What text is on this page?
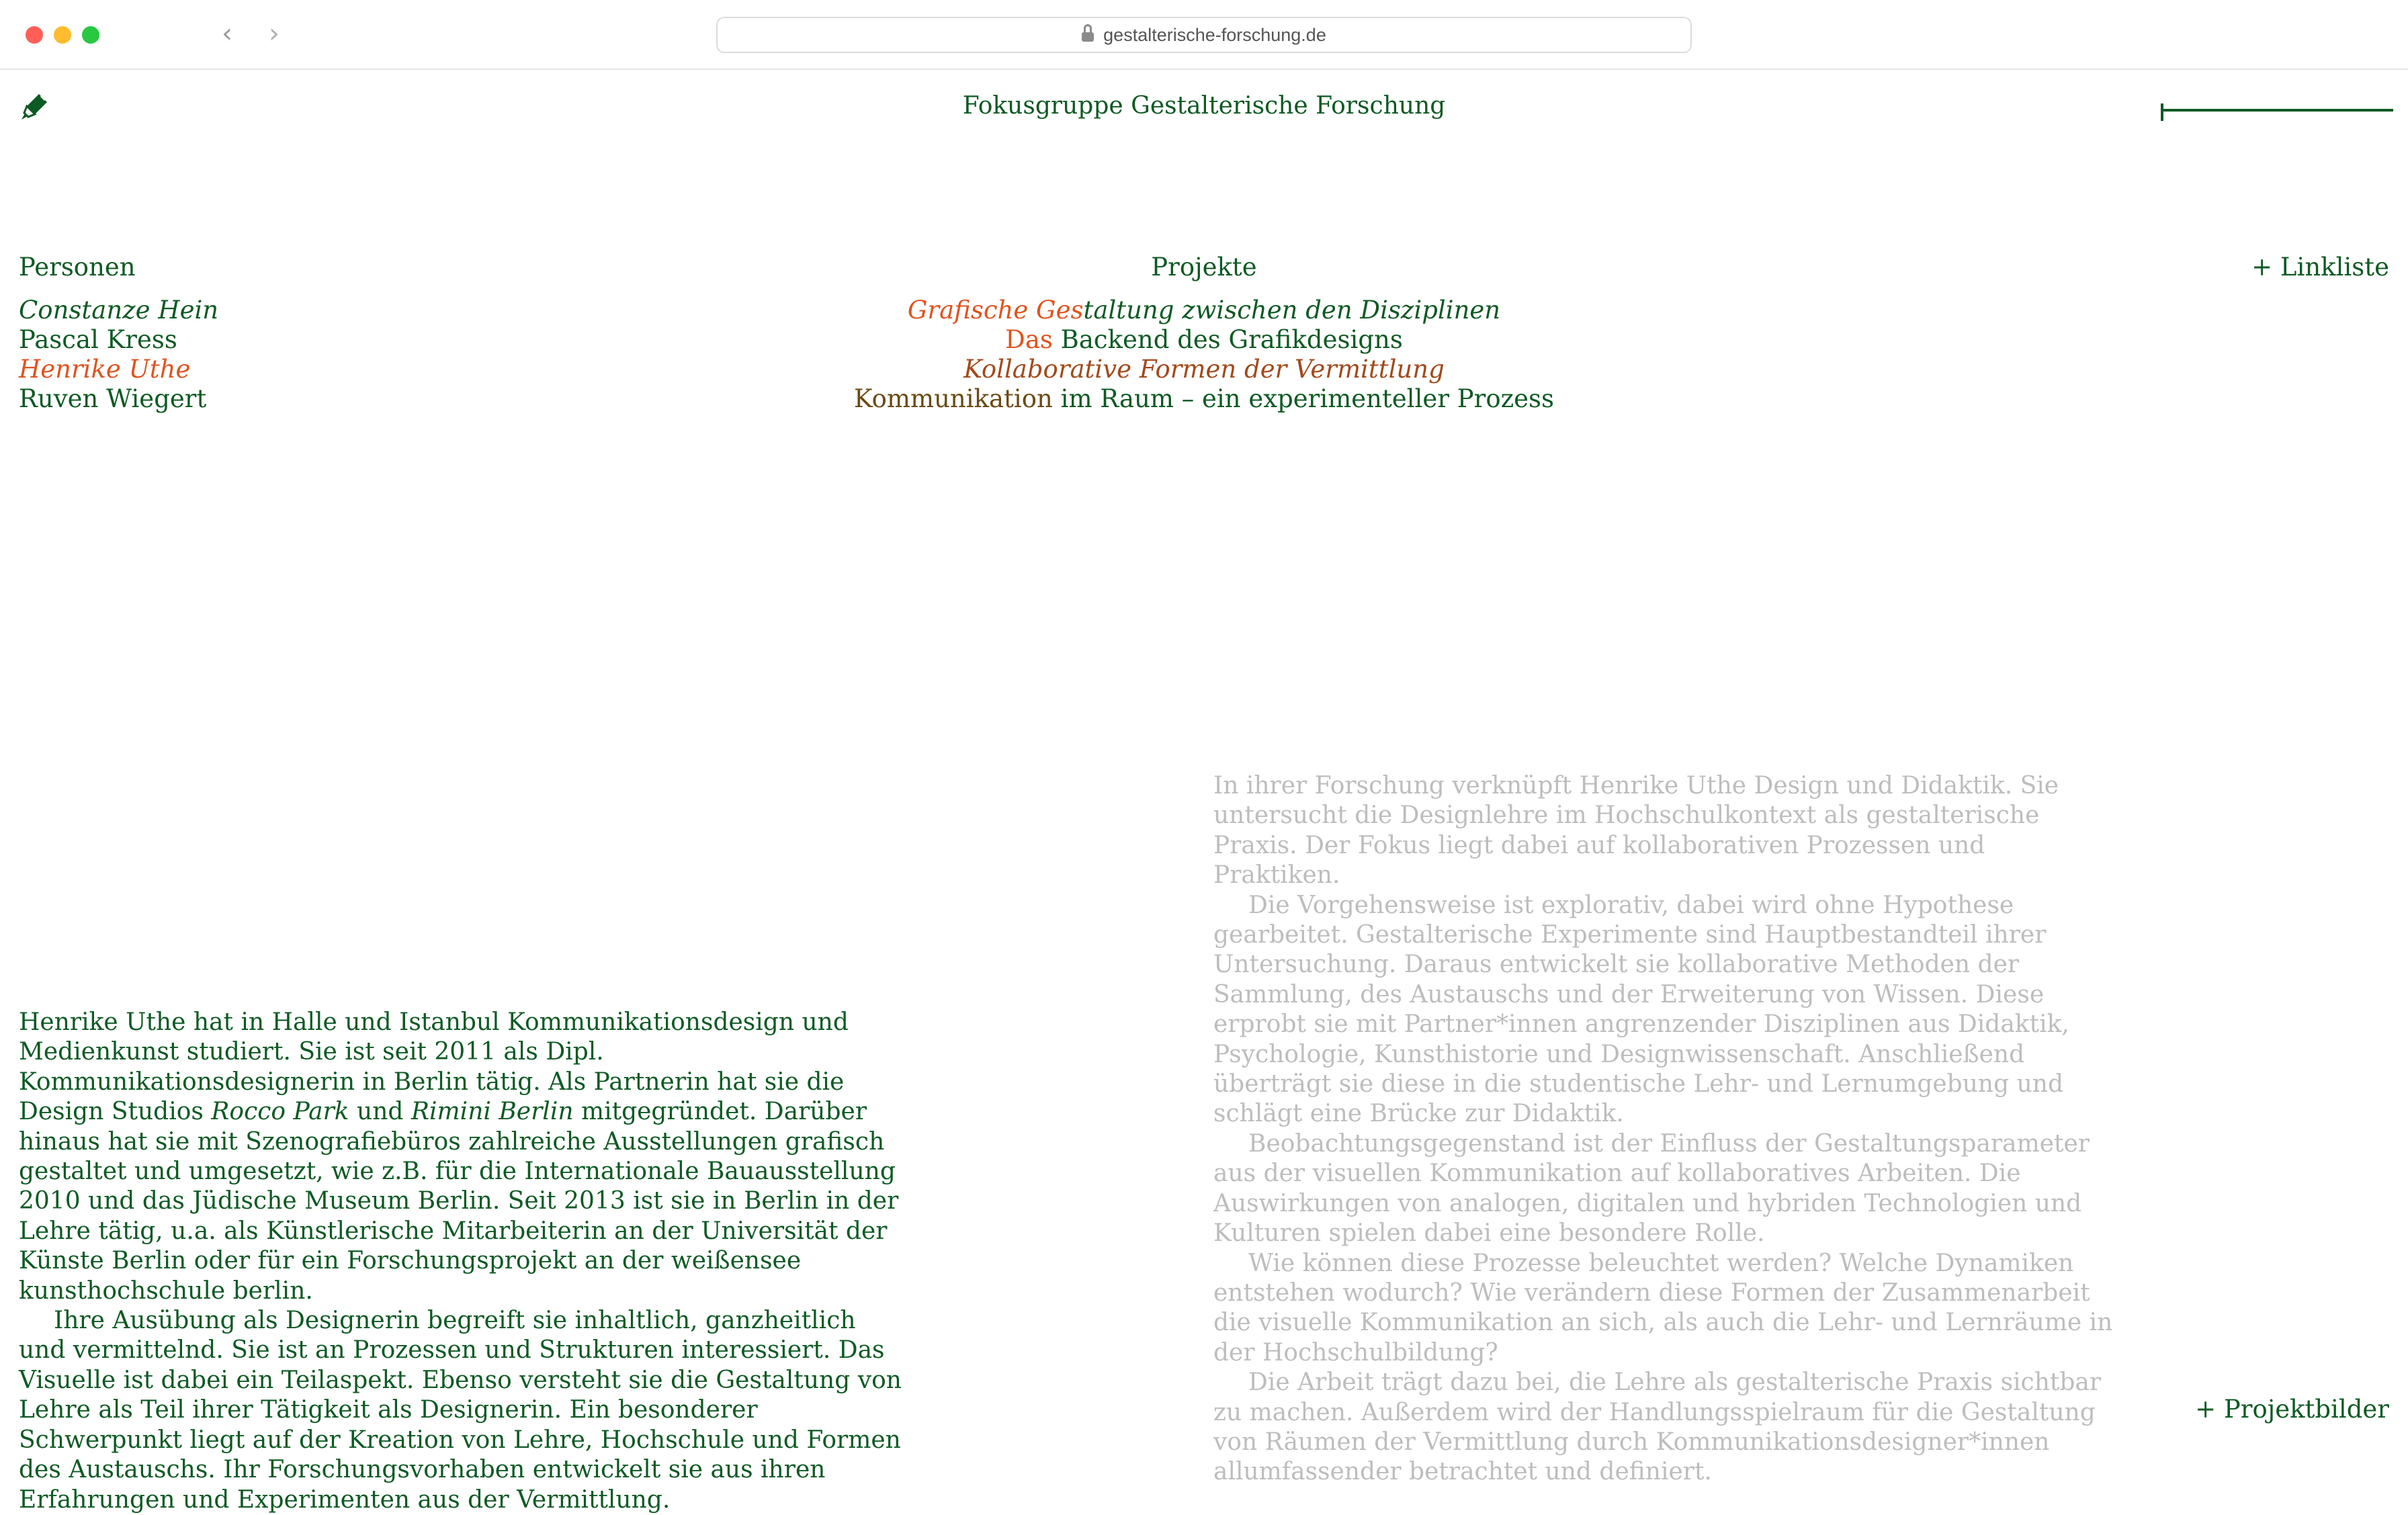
‹	›	gestalterische-forschung.de
Fokusgruppe Gestalterische Forschung
Personen	Projekte	+ Linkliste
Constanze Hein
Pascal Kress
Henrike Uthe
Ruven Wiegert
Grafische Gestaltung zwischen den Disziplinen
Das Backend des Grafikdesigns
Kollaborative Formen der Vermittlung
Kommunikation im Raum – ein experimenteller Prozess

In ihrer Forschung verknüpft Henrike Uthe Design und Didaktik. Sie untersucht die Designlehre im Hochschulkontext als gestalterische Praxis. Der Fokus liegt dabei auf kollaborativen Prozessen und Praktiken.

Die Vorgehensweise ist explorativ, dabei wird ohne Hypothese gearbeitet. Gestalterische Experimente sind Hauptbestandteil ihrer Untersuchung. Daraus entwickelt sie kollaborative Methoden der Sammlung, des Austauschs und der Erweiterung von Wissen. Diese erprobt sie mit Partner*innen angrenzender Disziplinen aus Didaktik, Psychologie, Kunsthistorie und Designwissenschaft. Anschließend überträgt sie diese in die studentische Lehr- und Lernumgebung und schlägt eine Brücke zur Didaktik.

Beobachtungsgegenstand ist der Einfluss der Gestaltungsparameter aus der visuellen Kommunikation auf kollaboratives Arbeiten. Die Auswirkungen von analogen, digitalen und hybriden Technologien und Kulturen spielen dabei eine besondere Rolle.

Wie können diese Prozesse beleuchtet werden? Welche Dynamiken entstehen wodurch? Wie verändern diese Formen der Zusammenarbeit die visuelle Kommunikation an sich, als auch die Lehr- und Lernräume in der Hochschulbildung?

Die Arbeit trägt dazu bei, die Lehre als gestalterische Praxis sichtbar zu machen. Außerdem wird der Handlungsspielraum für die Gestaltung von Räumen der Vermittlung durch Kommunikationsdesigner*innen allumfassender betrachtet und definiert.

Henrike Uthe hat in Halle und Istanbul Kommunikationsdesign und Medienkunst studiert. Sie ist seit 2011 als Dipl. Kommunikationsdesignerin in Berlin tätig. Als Partnerin hat sie die Design Studios Rocco Park und Rimini Berlin mitgegründet. Darüber hinaus hat sie mit Szenografiebüros zahlreiche Ausstellungen grafisch gestaltet und umgesetzt, wie z.B. für die Internationale Bauausstellung 2010 und das Jüdische Museum Berlin. Seit 2013 ist sie in Berlin in der Lehre tätig, u.a. als Künstlerische Mitarbeiterin an der Universität der Künste Berlin oder für ein Forschungsprojekt an der weißensee kunsthochschule berlin.

Ihre Ausübung als Designerin begreift sie inhaltlich, ganzheitlich und vermittelnd. Sie ist an Prozessen und Strukturen interessiert. Das Visuelle ist dabei ein Teilaspekt. Ebenso versteht sie die Gestaltung von Lehre als Teil ihrer Tätigkeit als Designerin. Ein besonderer Schwerpunkt liegt auf der Kreation von Lehre, Hochschule und Formen des Austauschs. Ihr Forschungsvorhaben entwickelt sie aus ihren Erfahrungen und Experimenten aus der Vermittlung.

+ Projektbilder
